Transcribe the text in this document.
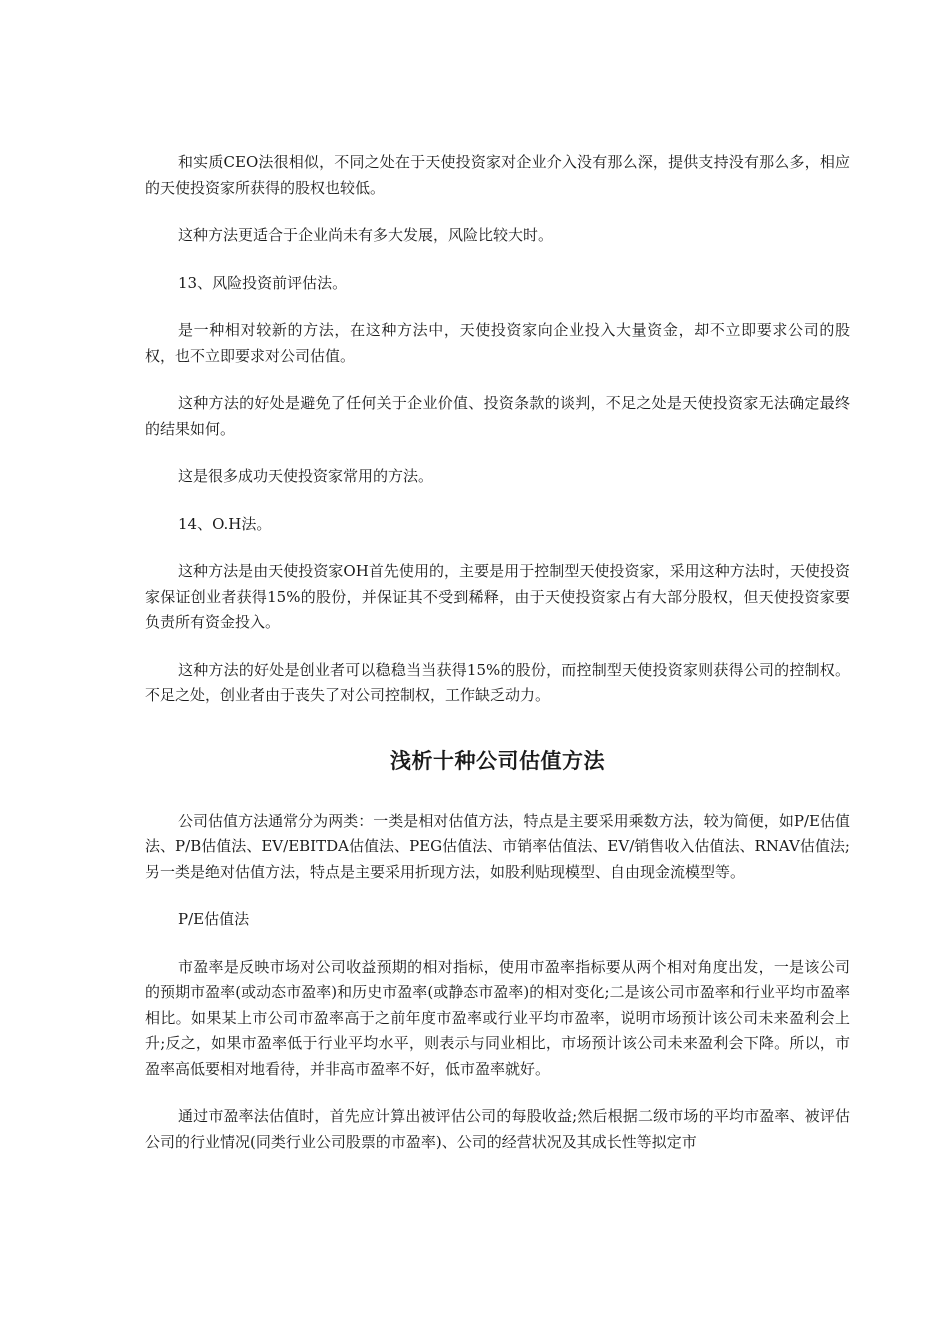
和实质CEO法很相似，不同之处在于天使投资家对企业介入没有那么深，提供支持没有那么多，相应的天使投资家所获得的股权也较低。

这种方法更适合于企业尚未有多大发展，风险比较大时。

13、风险投资前评估法。

是一种相对较新的方法，在这种方法中，天使投资家向企业投入大量资金，却不立即要求公司的股权，也不立即要求对公司估值。

这种方法的好处是避免了任何关于企业价值、投资条款的谈判，不足之处是天使投资家无法确定最终的结果如何。

这是很多成功天使投资家常用的方法。

14、O.H法。

这种方法是由天使投资家OH首先使用的，主要是用于控制型天使投资家，采用这种方法时，天使投资家保证创业者获得15%的股份，并保证其不受到稀释，由于天使投资家占有大部分股权，但天使投资家要负责所有资金投入。

这种方法的好处是创业者可以稳稳当当获得15%的股份，而控制型天使投资家则获得公司的控制权。不足之处，创业者由于丧失了对公司控制权，工作缺乏动力。

浅析十种公司估值方法

公司估值方法通常分为两类：一类是相对估值方法，特点是主要采用乘数方法，较为简便，如P/E估值法、P/B估值法、EV/EBITDA估值法、PEG估值法、市销率估值法、EV/销售收入估值法、RNAV估值法;另一类是绝对估值方法，特点是主要采用折现方法，如股利贴现模型、自由现金流模型等。

P/E估值法

市盈率是反映市场对公司收益预期的相对指标，使用市盈率指标要从两个相对角度出发，一是该公司的预期市盈率(或动态市盈率)和历史市盈率(或静态市盈率)的相对变化;二是该公司市盈率和行业平均市盈率相比。如果某上市公司市盈率高于之前年度市盈率或行业平均市盈率，说明市场预计该公司未来盈利会上升;反之，如果市盈率低于行业平均水平，则表示与同业相比，市场预计该公司未来盈利会下降。所以，市盈率高低要相对地看待，并非高市盈率不好，低市盈率就好。

通过市盈率法估值时，首先应计算出被评估公司的每股收益;然后根据二级市场的平均市盈率、被评估公司的行业情况(同类行业公司股票的市盈率)、公司的经营状况及其成长性等拟定市
